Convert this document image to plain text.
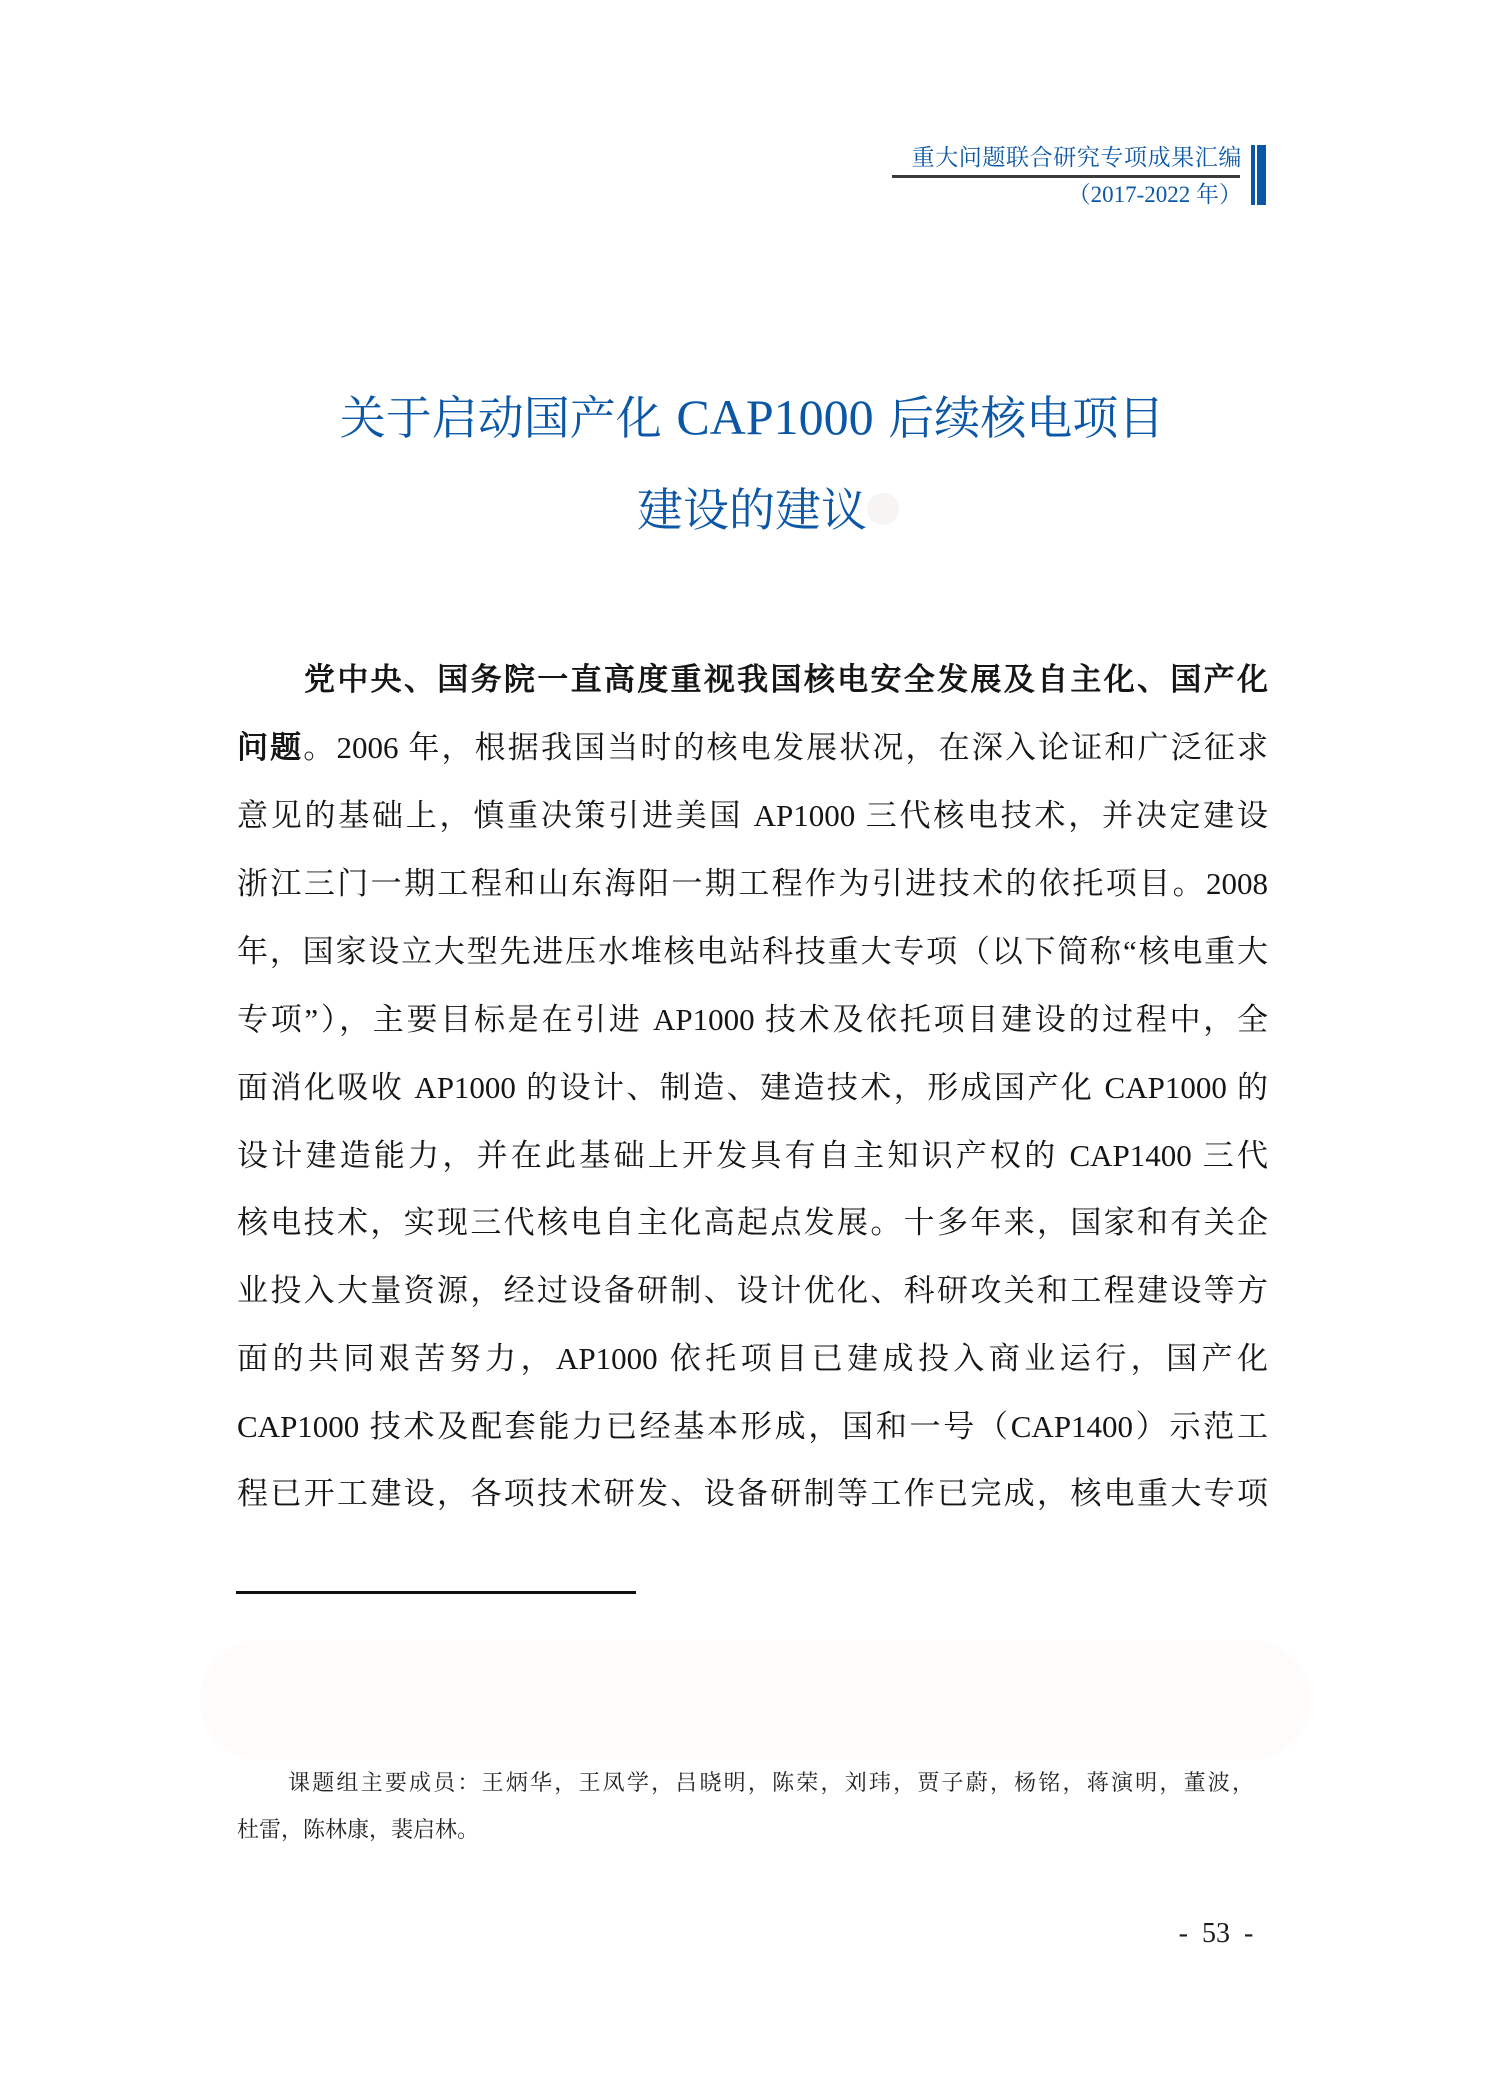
重大问题联合研究专项成果汇编
（2017-2022 年）
关于启动国产化 CAP1000 后续核电项目
建设的建议
党中央、国务院一直高度重视我国核电安全发展及自主化、国产化
问题。2006 年，根据我国当时的核电发展状况，在深入论证和广泛征求
意见的基础上，慎重决策引进美国 AP1000 三代核电技术，并决定建设
浙江三门一期工程和山东海阳一期工程作为引进技术的依托项目。2008
年，国家设立大型先进压水堆核电站科技重大专项（以下简称“核电重大
专项”），主要目标是在引进 AP1000 技术及依托项目建设的过程中，全
面消化吸收 AP1000 的设计、制造、建造技术，形成国产化 CAP1000 的
设计建造能力，并在此基础上开发具有自主知识产权的 CAP1400 三代
核电技术，实现三代核电自主化高起点发展。十多年来，国家和有关企
业投入大量资源，经过设备研制、设计优化、科研攻关和工程建设等方
面的共同艰苦努力，AP1000 依托项目已建成投入商业运行，国产化
CAP1000 技术及配套能力已经基本形成，国和一号（CAP1400）示范工
程已开工建设，各项技术研发、设备研制等工作已完成，核电重大专项
课题组主要成员：王炳华，王凤学，吕晓明，陈荣，刘玮，贾子蔚，杨铭，蒋演明，董波，
杜雷，陈林康，裴启林。
-  53  -
